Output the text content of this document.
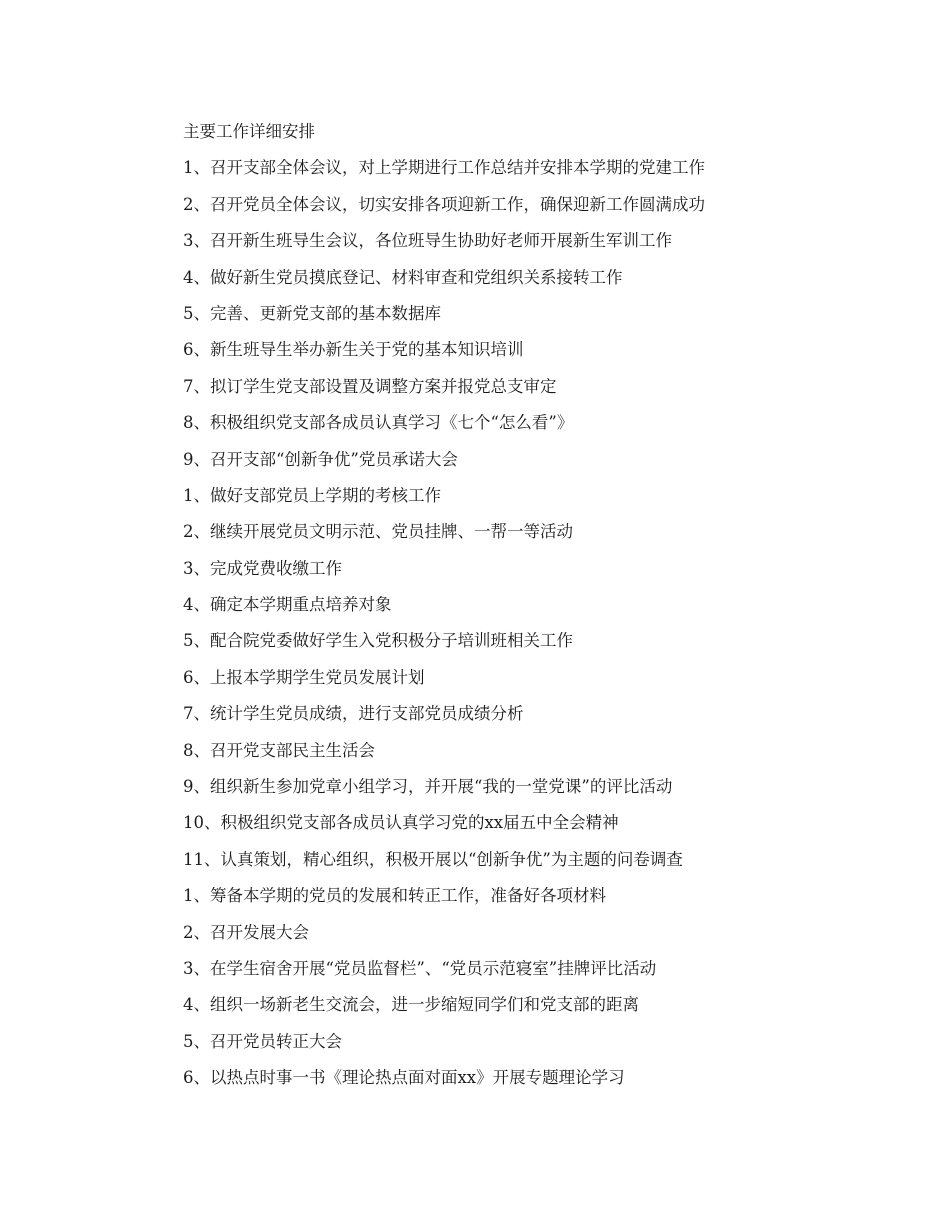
主要工作详细安排

1、召开支部全体会议，对上学期进行工作总结并安排本学期的党建工作

2、召开党员全体会议，切实安排各项迎新工作，确保迎新工作圆满成功

3、召开新生班导生会议，各位班导生协助好老师开展新生军训工作

4、做好新生党员摸底登记、材料审查和党组织关系接转工作

5、完善、更新党支部的基本数据库

6、新生班导生举办新生关于党的基本知识培训

7、拟订学生党支部设置及调整方案并报党总支审定

8、积极组织党支部各成员认真学习《七个“怎么看”》

9、召开支部“创新争优”党员承诺大会

1、做好支部党员上学期的考核工作

2、继续开展党员文明示范、党员挂牌、一帮一等活动

3、完成党费收缴工作

4、确定本学期重点培养对象

5、配合院党委做好学生入党积极分子培训班相关工作

6、上报本学期学生党员发展计划

7、统计学生党员成绩，进行支部党员成绩分析

8、召开党支部民主生活会

9、组织新生参加党章小组学习，并开展“我的一堂党课”的评比活动

10、积极组织党支部各成员认真学习党的xx届五中全会精神

11、认真策划，精心组织，积极开展以“创新争优”为主题的问卷调查

1、筹备本学期的党员的发展和转正工作，准备好各项材料

2、召开发展大会

3、在学生宿舍开展“党员监督栏”、“党员示范寝室”挂牌评比活动

4、组织一场新老生交流会，进一步缩短同学们和党支部的距离

5、召开党员转正大会

6、以热点时事一书《理论热点面对面xx》开展专题理论学习
